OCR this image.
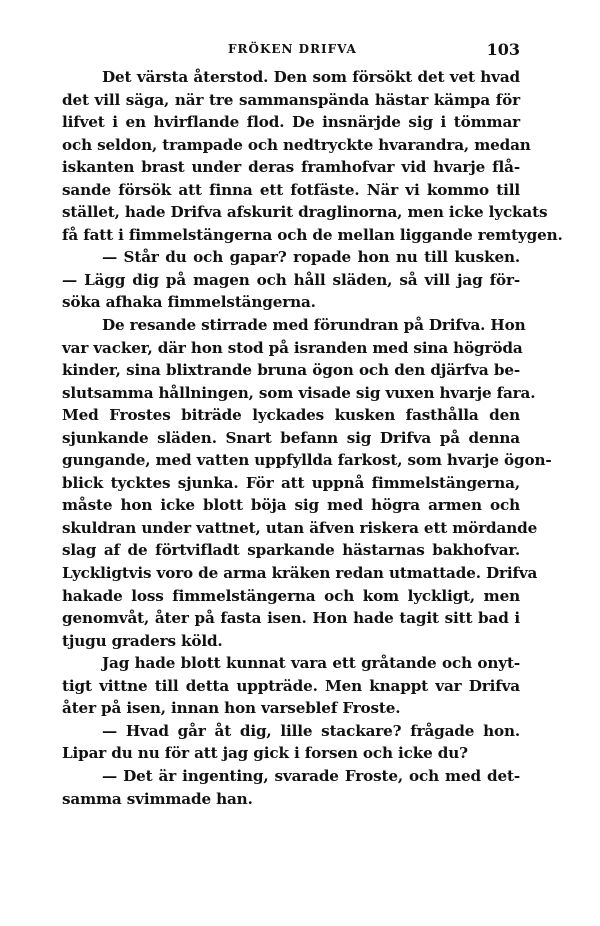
FRÖKEN DRIFVA	103
Det värsta återstod. Den som försökt det vet hvad
det vill säga, när tre sammanspända hästar kämpa för
lifvet i en hvirflande flod. De insnärjde sig i tömmar
och seldon, trampade och nedtryckte hvarandra, medan
iskanten brast under deras framhofvar vid hvarje flå-
sande försök att finna ett fotfäste. När vi kommo till
stället, hade Drifva afskurit draglinorna, men icke lyckats
få fatt i fimmelstängerna och de mellan liggande remtygen.
— Står du och gapar? ropade hon nu till kusken.
— Lägg dig på magen och håll släden, så vill jag för-
söka afhaka fimmelstängerna.
De resande stirrade med förundran på Drifva. Hon
var vacker, där hon stod på isranden med sina högröda
kinder, sina blixtrande bruna ögon och den djärfva be-
slutsamma hållningen, som visade sig vuxen hvarje fara.
Med Frostes biträde lyckades kusken fasthålla den
sjunkande släden. Snart befann sig Drifva på denna
gungande, med vatten uppfyllda farkost, som hvarje ögon-
blick tycktes sjunka. För att uppnå fimmelstängerna,
måste hon icke blott böja sig med högra armen och
skuldran under vattnet, utan äfven riskera ett mördande
slag af de förtvifladt sparkande hästarnas bakhofvar.
Lyckligtvis voro de arma kräken redan utmattade. Drifva
hakade loss fimmelstängerna och kom lyckligt, men
genomvåt, åter på fasta isen. Hon hade tagit sitt bad i
tjugu graders köld.
Jag hade blott kunnat vara ett gråtande och onyt-
tigt vittne till detta uppträde. Men knappt var Drifva
åter på isen, innan hon varseblef Froste.
— Hvad går åt dig, lille stackare? frågade hon.
Lipar du nu för att jag gick i forsen och icke du?
— Det är ingenting, svarade Froste, och med det-
samma svimmade han.
